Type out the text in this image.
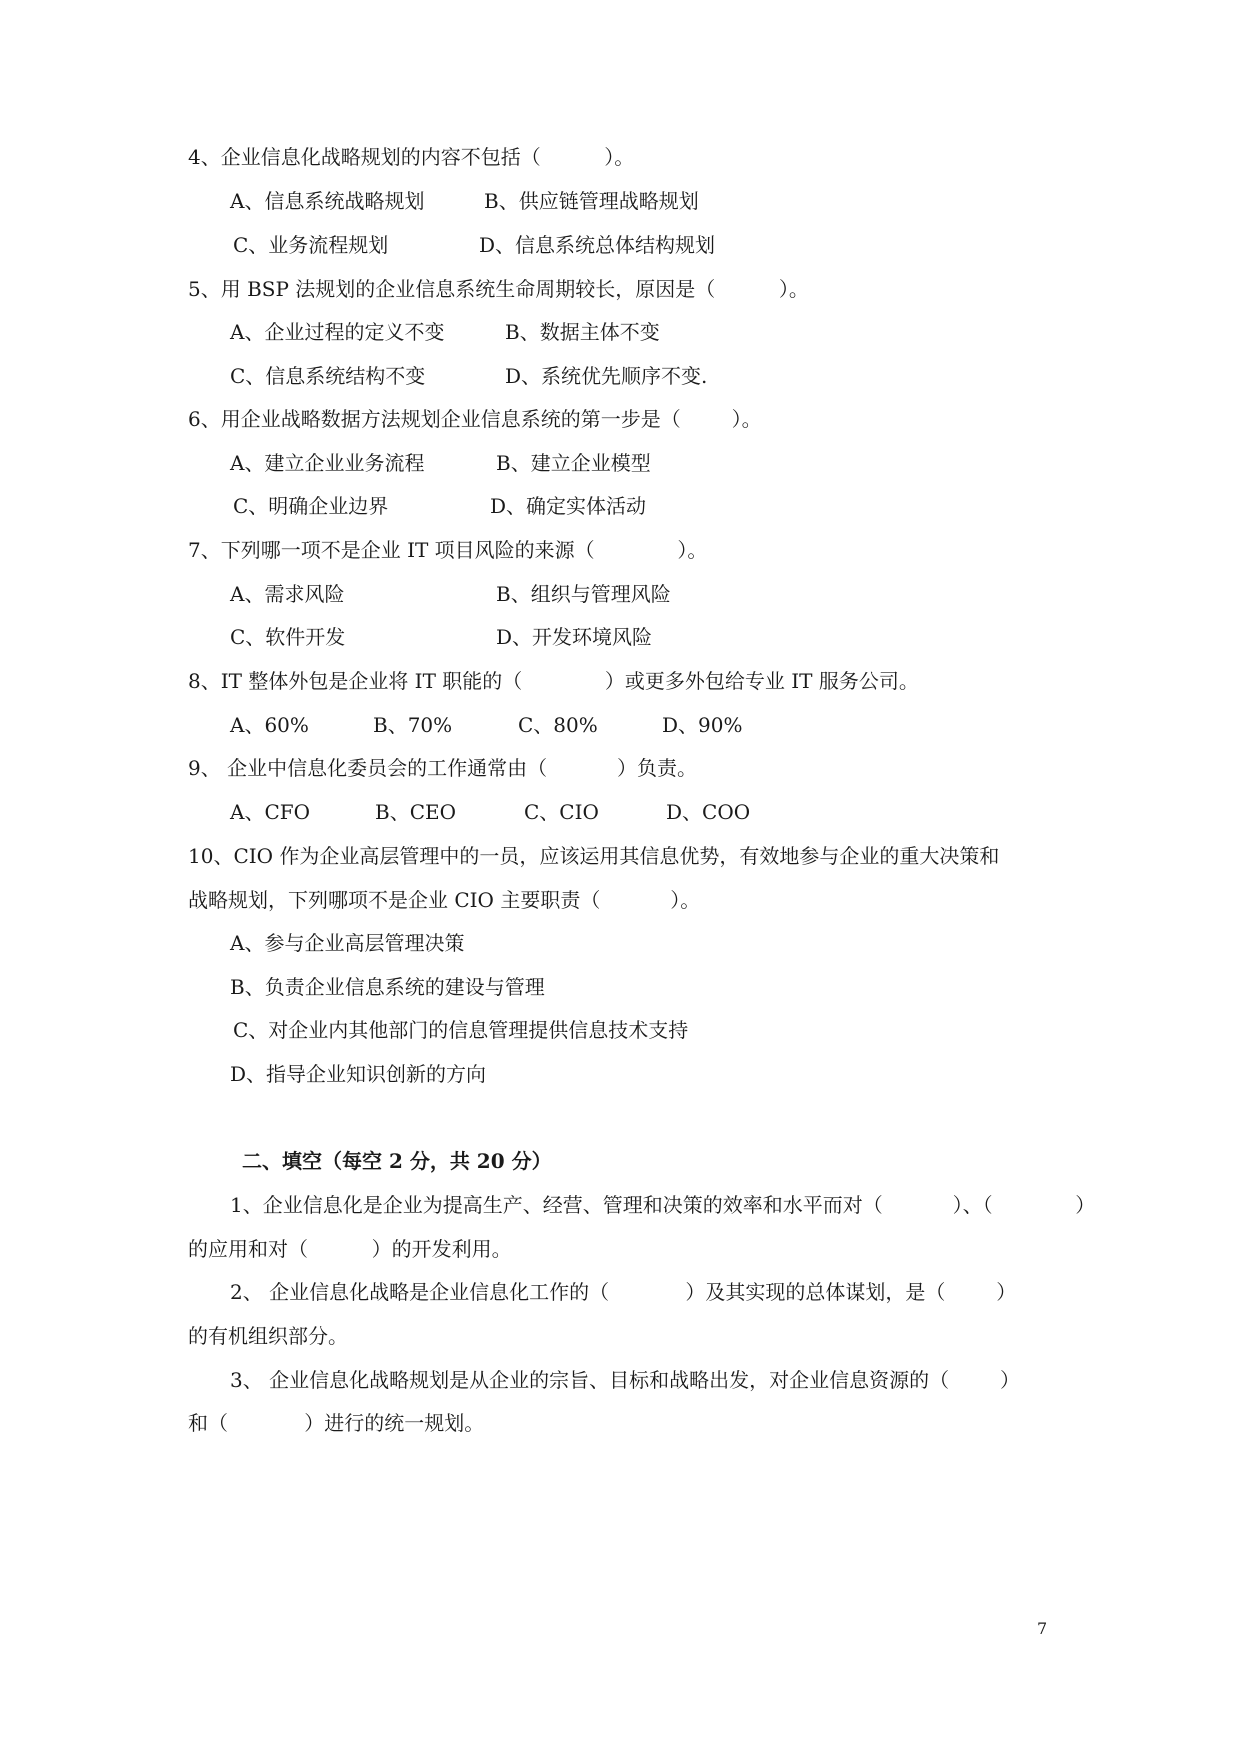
4、企业信息化战略规划的内容不包括（          ）。
A、信息系统战略规划	B、供应链管理战略规划
C、业务流程规划	D、信息系统总体结构规划
5、用 BSP 法规划的企业信息系统生命周期较长，原因是（          ）。
A、企业过程的定义不变	B、数据主体不变
C、信息系统结构不变	D、系统优先顺序不变.
6、用企业战略数据方法规划企业信息系统的第一步是（        ）。
A、建立企业业务流程	B、建立企业模型
C、明确企业边界	D、确定实体活动
7、下列哪一项不是企业 IT 项目风险的来源（             ）。
A、需求风险	B、组织与管理风险
C、软件开发	D、开发环境风险
8、IT 整体外包是企业将 IT 职能的（             ）或更多外包给专业 IT 服务公司。
A、60%	B、70%	C、80%	D、90%
9、 企业中信息化委员会的工作通常由（           ）负责。
A、CFO	B、CEO	C、CIO	D、COO
10、CIO 作为企业高层管理中的一员，应该运用其信息优势，有效地参与企业的重大决策和
战略规划，下列哪项不是企业 CIO 主要职责（           ）。
A、参与企业高层管理决策
B、负责企业信息系统的建设与管理
C、对企业内其他部门的信息管理提供信息技术支持
D、指导企业知识创新的方向
二、填空（每空 2 分，共 20 分）
1、企业信息化是企业为提高生产、经营、管理和决策的效率和水平而对（           ）、（             ）
的应用和对（          ）的开发利用。
2、 企业信息化战略是企业信息化工作的（            ）及其实现的总体谋划，是（        ）
的有机组织部分。
3、 企业信息化战略规划是从企业的宗旨、目标和战略出发，对企业信息资源的（        ）
和（            ）进行的统一规划。
7
